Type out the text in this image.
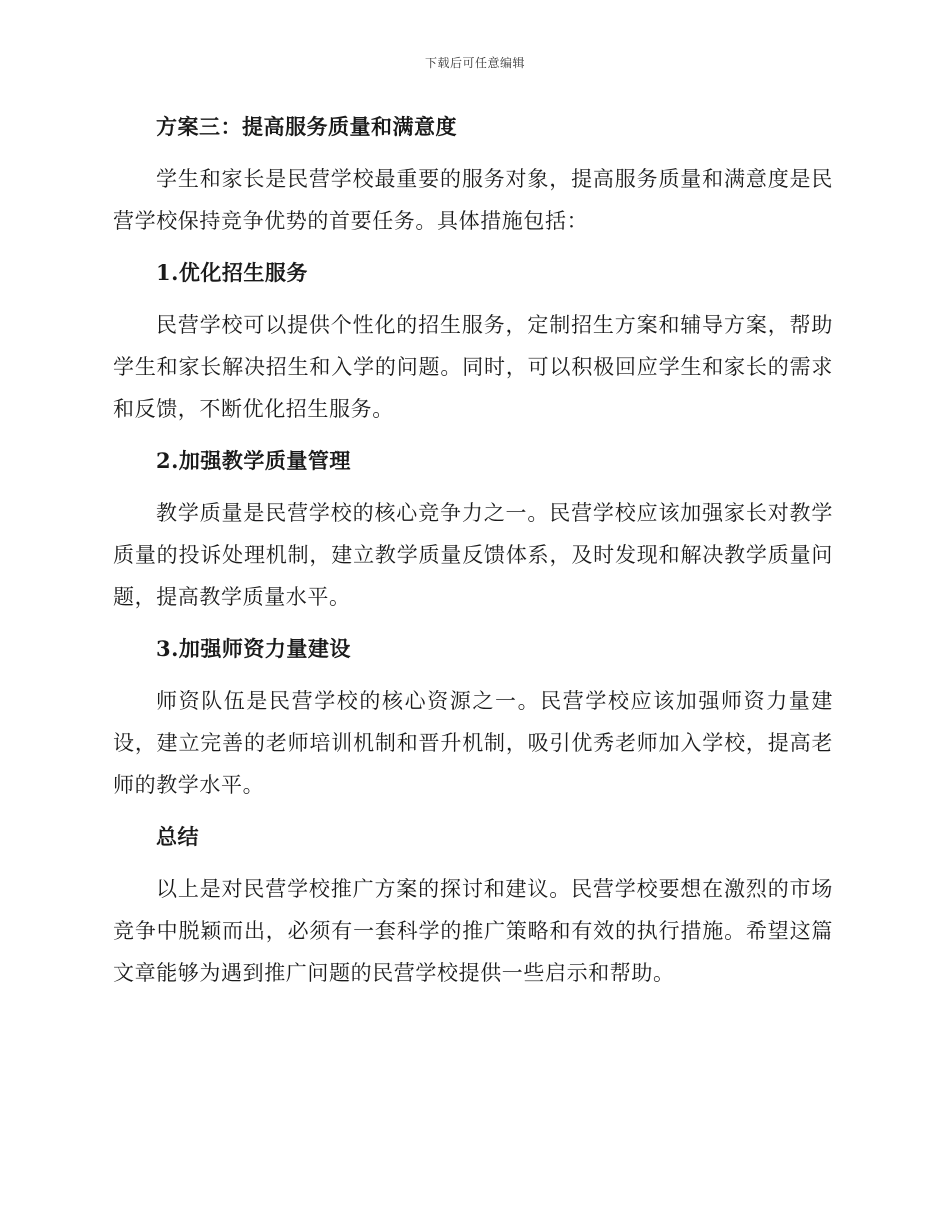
下载后可任意编辑
方案三：提高服务质量和满意度
学生和家长是民营学校最重要的服务对象，提高服务质量和满意度是民营学校保持竞争优势的首要任务。具体措施包括：
1.优化招生服务
民营学校可以提供个性化的招生服务，定制招生方案和辅导方案，帮助学生和家长解决招生和入学的问题。同时，可以积极回应学生和家长的需求和反馈，不断优化招生服务。
2.加强教学质量管理
教学质量是民营学校的核心竞争力之一。民营学校应该加强家长对教学质量的投诉处理机制，建立教学质量反馈体系，及时发现和解决教学质量问题，提高教学质量水平。
3.加强师资力量建设
师资队伍是民营学校的核心资源之一。民营学校应该加强师资力量建设，建立完善的老师培训机制和晋升机制，吸引优秀老师加入学校，提高老师的教学水平。
总结
以上是对民营学校推广方案的探讨和建议。民营学校要想在激烈的市场竞争中脱颖而出，必须有一套科学的推广策略和有效的执行措施。希望这篇文章能够为遇到推广问题的民营学校提供一些启示和帮助。
